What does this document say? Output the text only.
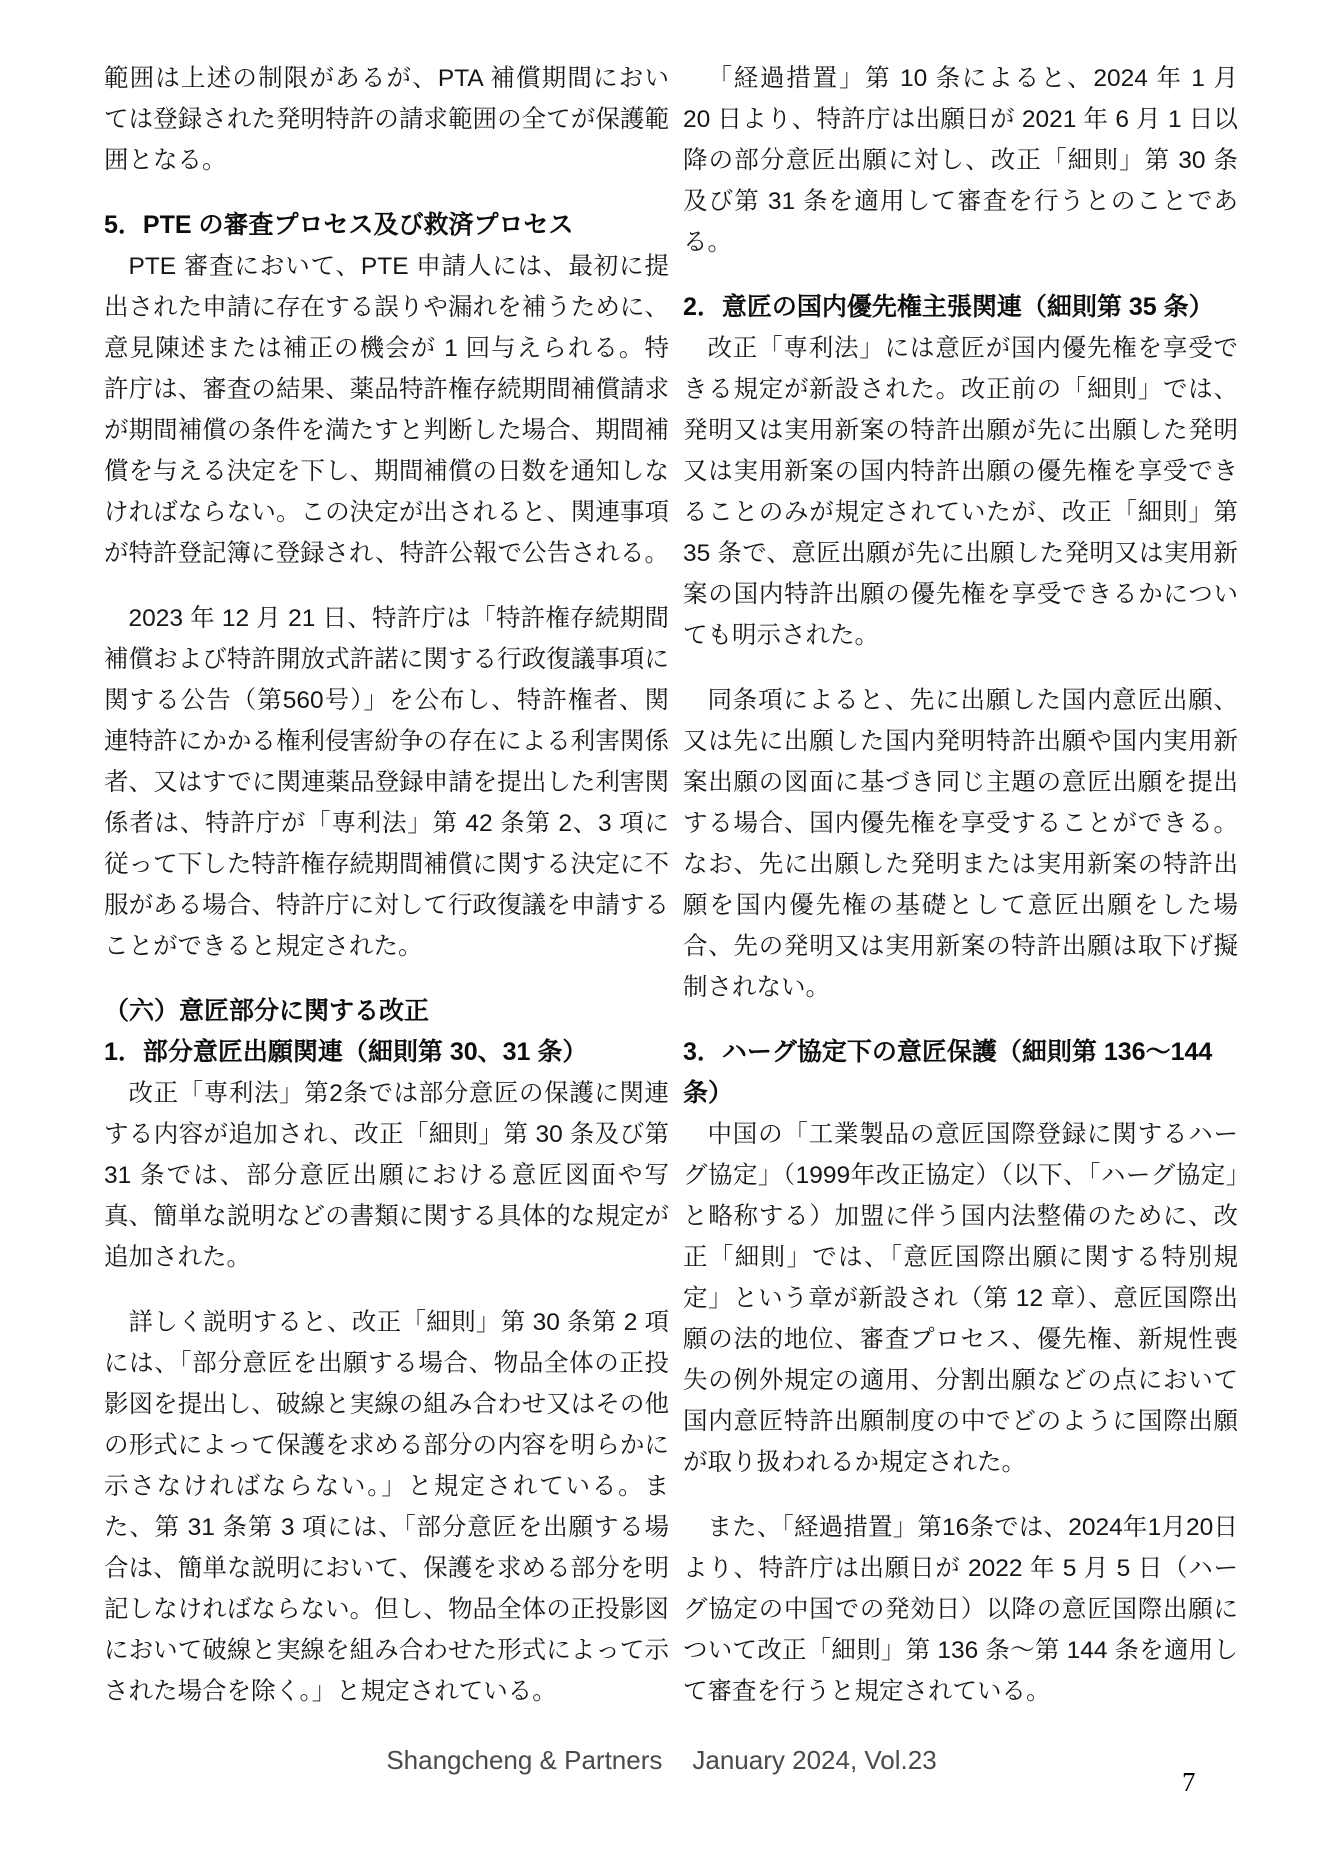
範囲は上述の制限があるが、PTA 補償期間においては登録された発明特許の請求範囲の全てが保護範囲となる。

5．PTE の審査プロセス及び救済プロセス

PTE 審査において、PTE 申請人には、最初に提出された申請に存在する誤りや漏れを補うために、意見陳述または補正の機会が 1 回与えられる。特許庁は、審査の結果、薬品特許権存続期間補償請求が期間補償の条件を満たすと判断した場合、期間補償を与える決定を下し、期間補償の日数を通知しなければならない。この決定が出されると、関連事項が特許登記簿に登録され、特許公報で公告される。

2023 年 12 月 21 日、特許庁は「特許権存続期間補償および特許開放式許諾に関する行政復議事項に関する公告（第560号）」を公布し、特許権者、関連特許にかかる権利侵害紛争の存在による利害関係者、又はすでに関連薬品登録申請を提出した利害関係者は、特許庁が「専利法」第 42 条第 2、3 項に従って下した特許権存続期間補償に関する決定に不服がある場合、特許庁に対して行政復議を申請することができると規定された。

（六）意匠部分に関する改正
1．部分意匠出願関連（細則第 30、31 条）

改正「専利法」第2条では部分意匠の保護に関連する内容が追加され、改正「細則」第 30 条及び第 31 条では、部分意匠出願における意匠図面や写真、簡単な説明などの書類に関する具体的な規定が追加された。

詳しく説明すると、改正「細則」第 30 条第 2 項には、「部分意匠を出願する場合、物品全体の正投影図を提出し、破線と実線の組み合わせ又はその他の形式によって保護を求める部分の内容を明らかに示さなければならない。」と規定されている。また、第 31 条第 3 項には、「部分意匠を出願する場合は、簡単な説明において、保護を求める部分を明記しなければならない。但し、物品全体の正投影図において破線と実線を組み合わせた形式によって示された場合を除く。」と規定されている。

「経過措置」第 10 条によると、2024 年 1 月 20 日より、特許庁は出願日が 2021 年 6 月 1 日以降の部分意匠出願に対し、改正「細則」第 30 条及び第 31 条を適用して審査を行うとのことである。

2．意匠の国内優先権主張関連（細則第 35 条）

改正「専利法」には意匠が国内優先権を享受できる規定が新設された。改正前の「細則」では、発明又は実用新案の特許出願が先に出願した発明又は実用新案の国内特許出願の優先権を享受できることのみが規定されていたが、改正「細則」第 35 条で、意匠出願が先に出願した発明又は実用新案の国内特許出願の優先権を享受できるかについても明示された。

同条項によると、先に出願した国内意匠出願、又は先に出願した国内発明特許出願や国内実用新案出願の図面に基づき同じ主題の意匠出願を提出する場合、国内優先権を享受することができる。なお、先に出願した発明または実用新案の特許出願を国内優先権の基礎として意匠出願をした場合、先の発明又は実用新案の特許出願は取下げ擬制されない。

3．ハーグ協定下の意匠保護（細則第 136～144 条）

中国の「工業製品の意匠国際登録に関するハーグ協定」（1999年改正協定）（以下、「ハーグ協定」と略称する）加盟に伴う国内法整備のために、改正「細則」では、「意匠国際出願に関する特別規定」という章が新設され（第 12 章）、意匠国際出願の法的地位、審査プロセス、優先権、新規性喪失の例外規定の適用、分割出願などの点において国内意匠特許出願制度の中でどのように国際出願が取り扱われるか規定された。

また、「経過措置」第16条では、2024年1月20日より、特許庁は出願日が 2022 年 5 月 5 日（ハーグ協定の中国での発効日）以降の意匠国際出願について改正「細則」第 136 条～第 144 条を適用して審査を行うと規定されている。

Shangcheng & Partners January 2024, Vol.23
7
